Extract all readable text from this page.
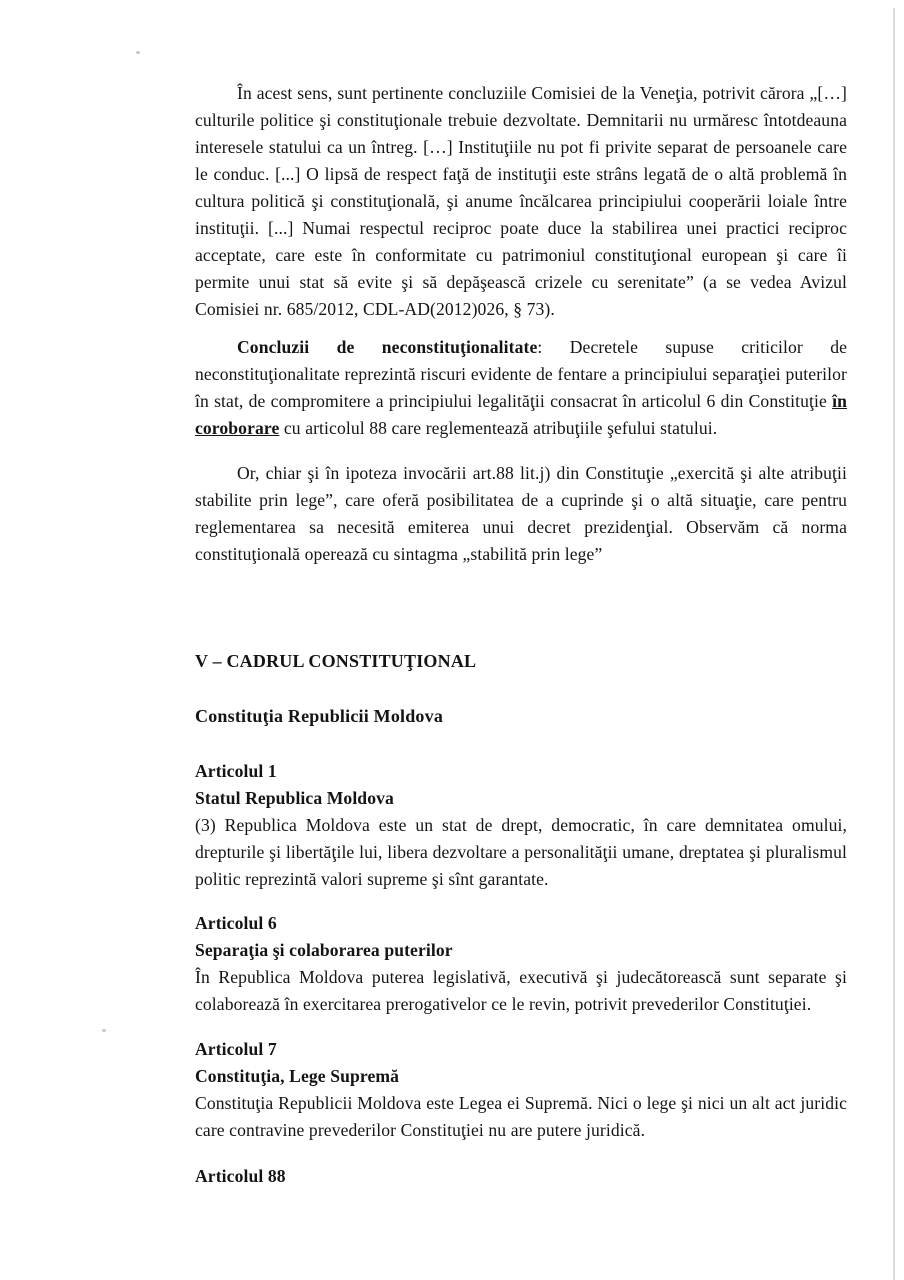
În acest sens, sunt pertinente concluziile Comisiei de la Veneţia, potrivit cărora „[…] culturile politice şi constituţionale trebuie dezvoltate. Demnitarii nu urmăresc întotdeauna interesele statului ca un întreg. […] Instituţiile nu pot fi privite separat de persoanele care le conduc. [...] O lipsă de respect faţă de instituţii este strâns legată de o altă problemă în cultura politică şi constituţională, şi anume încălcarea principiului cooperării loiale între instituţii. [...] Numai respectul reciproc poate duce la stabilirea unei practici reciproc acceptate, care este în conformitate cu patrimoniul constituţional european şi care îi permite unui stat să evite şi să depăşească crizele cu serenitate” (a se vedea Avizul Comisiei nr. 685/2012, CDL-AD(2012)026, § 73).

Concluzii de neconstituţionalitate: Decretele supuse criticilor de neconstituţionalitate reprezintă riscuri evidente de fentare a principiului separaţiei puterilor în stat, de compromitere a principiului legalităţii consacrat în articolul 6 din Constituţie în coroborare cu articolul 88 care reglementează atribuţiile şefului statului.

Or, chiar şi în ipoteza invocării art.88 lit.j) din Constituţie „exercită şi alte atribuţii stabilite prin lege”, care oferă posibilitatea de a cuprinde şi o altă situaţie, care pentru reglementarea sa necesită emiterea unui decret prezidenţial. Observăm că norma constituţională operează cu sintagma „stabilită prin lege”

V – CADRUL CONSTITUŢIONAL
Constituţia Republicii Moldova
Articolul 1
Statul Republica Moldova
(3) Republica Moldova este un stat de drept, democratic, în care demnitatea omului, drepturile şi libertăţile lui, libera dezvoltare a personalităţii umane, dreptatea şi pluralismul politic reprezintă valori supreme şi sînt garantate.
Articolul 6
Separaţia şi colaborarea puterilor
În Republica Moldova puterea legislativă, executivă şi judecătorească sunt separate şi colaborează în exercitarea prerogativelor ce le revin, potrivit prevederilor Constituţiei.
Articolul 7
Constituţia, Lege Supremă
Constituţia Republicii Moldova este Legea ei Supremă. Nici o lege şi nici un alt act juridic care contravine prevederilor Constituţiei nu are putere juridică.
Articolul 88
